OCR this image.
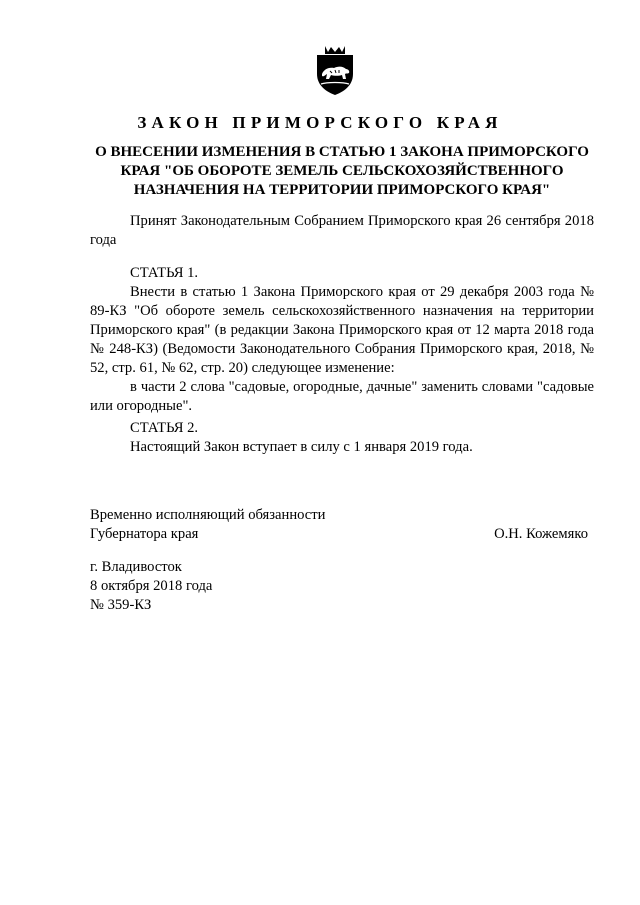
ЗАКОН ПРИМОРСКОГО КРАЯ
О ВНЕСЕНИИ ИЗМЕНЕНИЯ В СТАТЬЮ 1 ЗАКОНА ПРИМОРСКОГО КРАЯ "ОБ ОБОРОТЕ ЗЕМЕЛЬ СЕЛЬСКОХОЗЯЙСТВЕННОГО НАЗНАЧЕНИЯ НА ТЕРРИТОРИИ ПРИМОРСКОГО КРАЯ"
Принят Законодательным Собранием Приморского края 26 сентября 2018 года
СТАТЬЯ 1.
Внести в статью 1 Закона Приморского края от 29 декабря 2003 года № 89-КЗ "Об обороте земель сельскохозяйственного назначения на территории Приморского края" (в редакции Закона Приморского края от 12 марта 2018 года № 248-КЗ) (Ведомости Законодательного Собрания Приморского края, 2018, № 52, стр. 61, № 62, стр. 20) следующее изменение:
в части 2 слова "садовые, огородные, дачные" заменить словами "садовые или огородные".
СТАТЬЯ 2.
Настоящий Закон вступает в силу с 1 января 2019 года.
Временно исполняющий обязанности
Губернатора края	О.Н. Кожемяко
г. Владивосток
8 октября 2018 года
№ 359-КЗ
